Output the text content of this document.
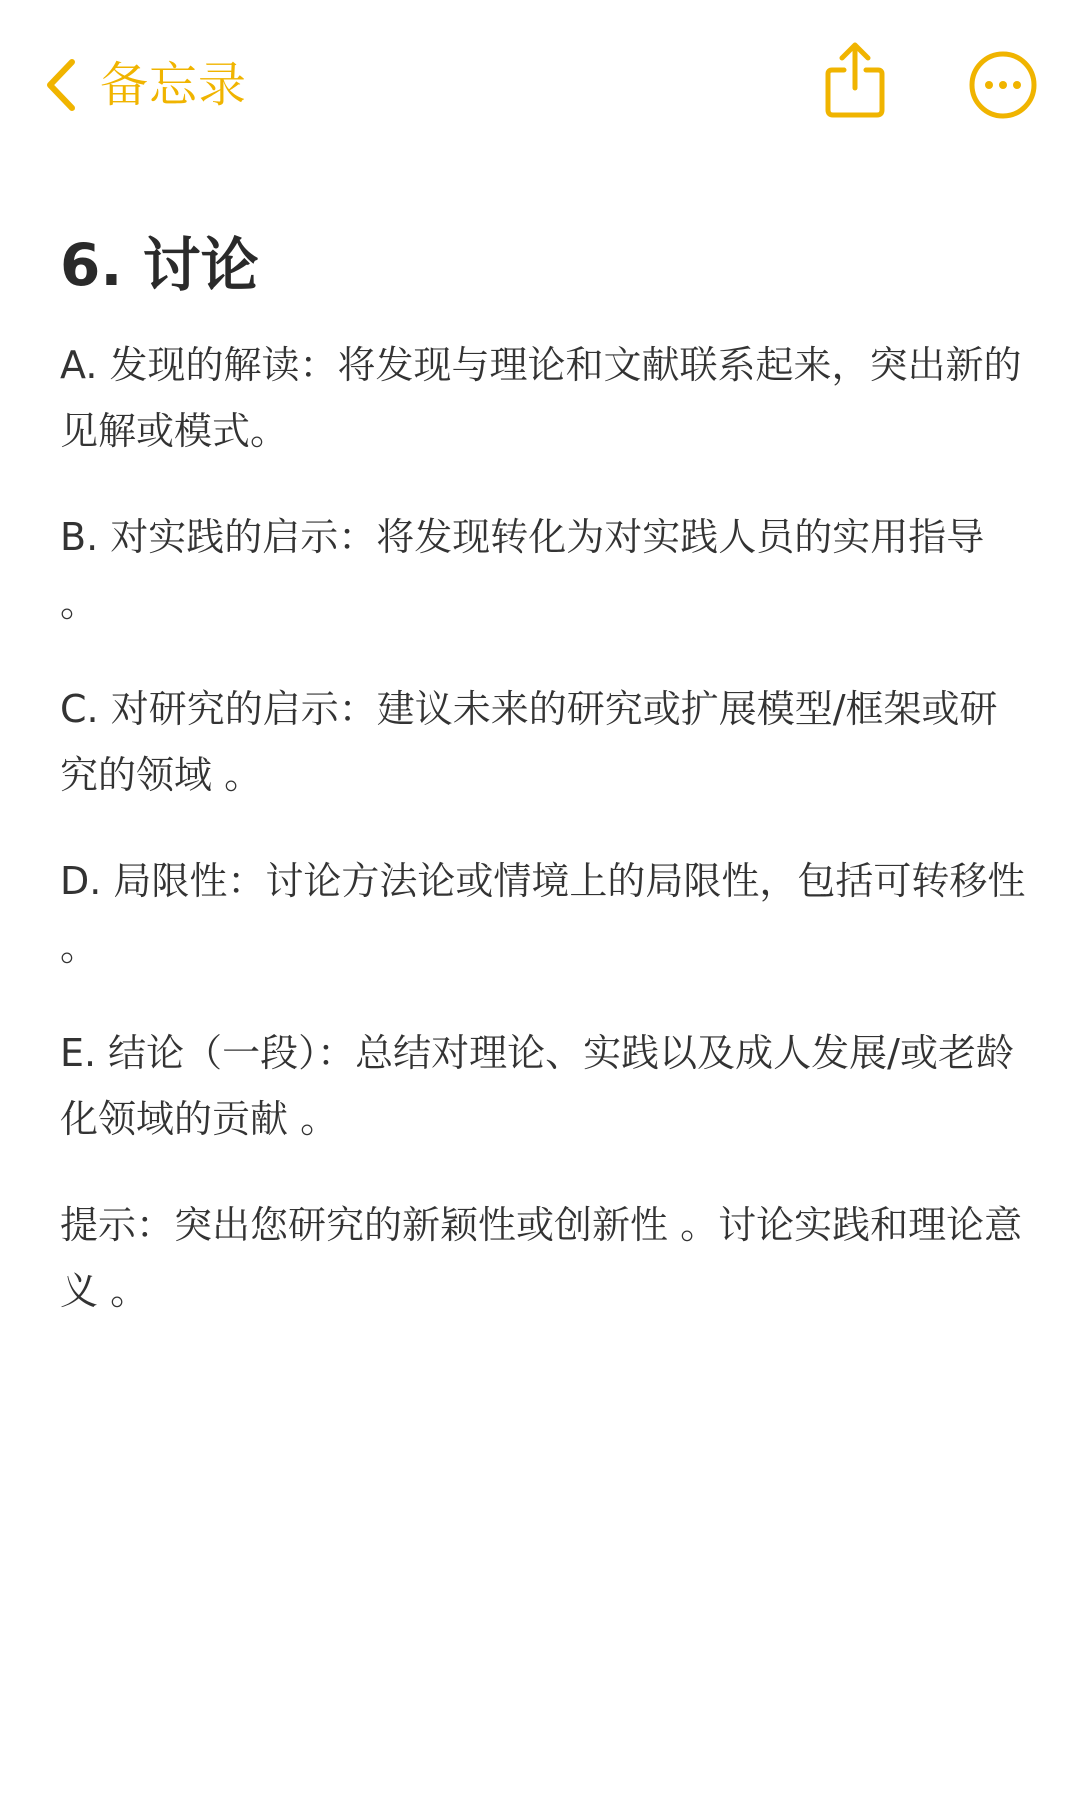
备忘录
6. 讨论

A. 发现的解读：将发现与理论和文献联系起来，突出新的见解或模式。

B. 对实践的启示：将发现转化为对实践人员的实用指导 。

C. 对研究的启示：建议未来的研究或扩展模型/框架或研究的领域 。

D. 局限性：讨论方法论或情境上的局限性，包括可转移性 。

E. 结论（一段）：总结对理论、实践以及成人发展/或老龄化领域的贡献 。

提示：突出您研究的新颖性或创新性 。讨论实践和理论意义 。
